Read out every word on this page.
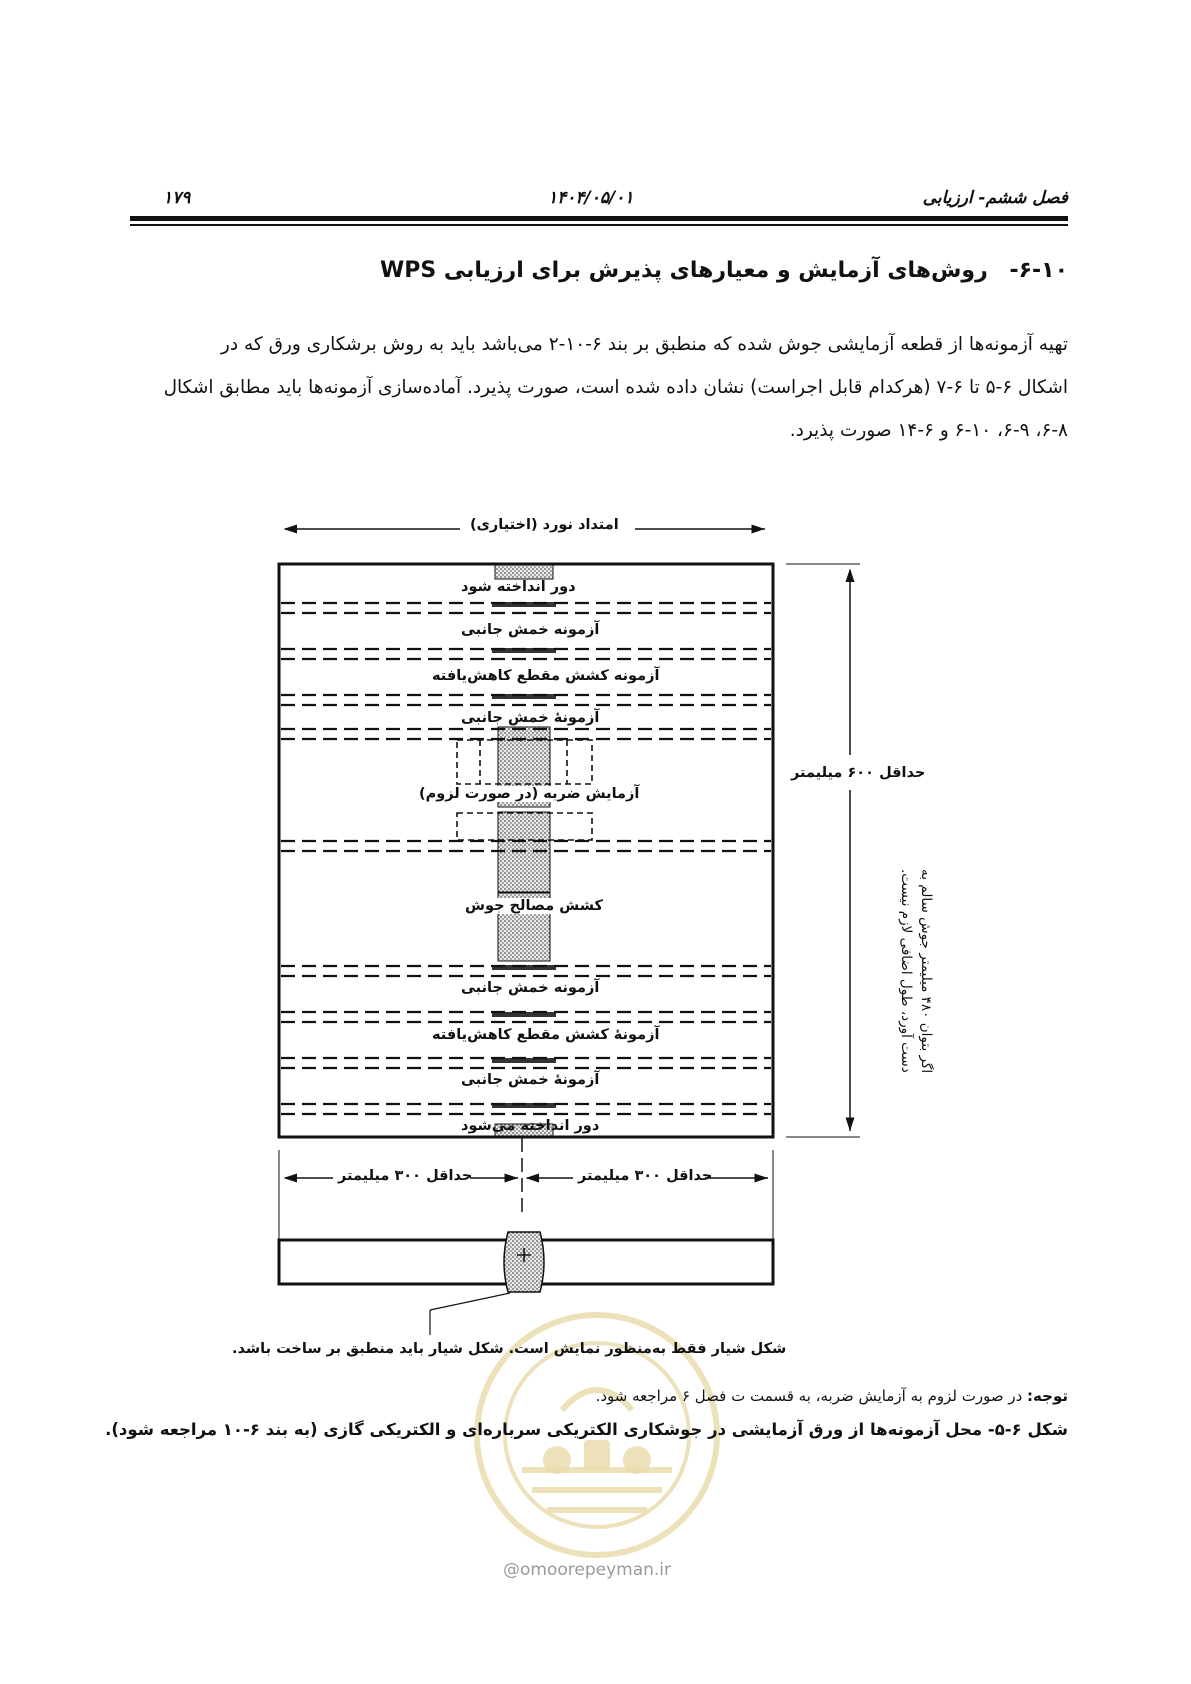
۱۷۹	۱۴۰۴/۰۵/۰۱	فصل ششم- ارزیابی
۶-۱۰- روش‌های آزمایش و معیارهای پذیرش برای ارزیابی WPS

تهیه آزمونه‌ها از قطعه آزمایشی جوش شده که منطبق بر بند ۶-۱۰-۲ می‌باشد باید به روش برشکاری ورق که در

اشکال ۶-۵ تا ۶-۷ (هرکدام قابل اجراست) نشان داده شده است، صورت پذیرد. آماده‌سازی آزمونه‌ها باید مطابق اشکال

۶-۸، ۶-۹، ۶-۱۰ و ۶-۱۴ صورت پذیرد.

امتداد نورد (اختیاری)
دور انداخته شود
آزمونه خمش جانبی
آزمونه کشش مقطع کاهش‌یافته
آزمونهٔ خمش جانبی
آزمایش ضربه (در صورت لزوم)
کشش مصالح جوش
آزمونه خمش جانبی
آزمونهٔ کشش مقطع کاهش‌یافته
آزمونهٔ خمش جانبی
دور انداخته می‌شود
حداقل ۶۰۰ میلیمتر
اگر بتوان ۴۸۰ میلیمتر جوش سالم به
دست آورد، طول اضافی لازم نیست.
حداقل ۳۰۰ میلیمتر	حداقل ۳۰۰ میلیمتر
شکل شیار فقط به‌منظور نمایش است. شکل شیار باید منطبق بر ساخت باشد.
توجه: در صورت لزوم به آزمایش ضربه، به قسمت ت فصل ۶ مراجعه شود.
شکل ۶-۵- محل آزمونه‌ها از ورق آزمایشی در جوشکاری الکتریکی سرباره‌ای و الکتریکی گازی (به بند ۶-۱۰ مراجعه شود).
@omoorepeyman.ir
